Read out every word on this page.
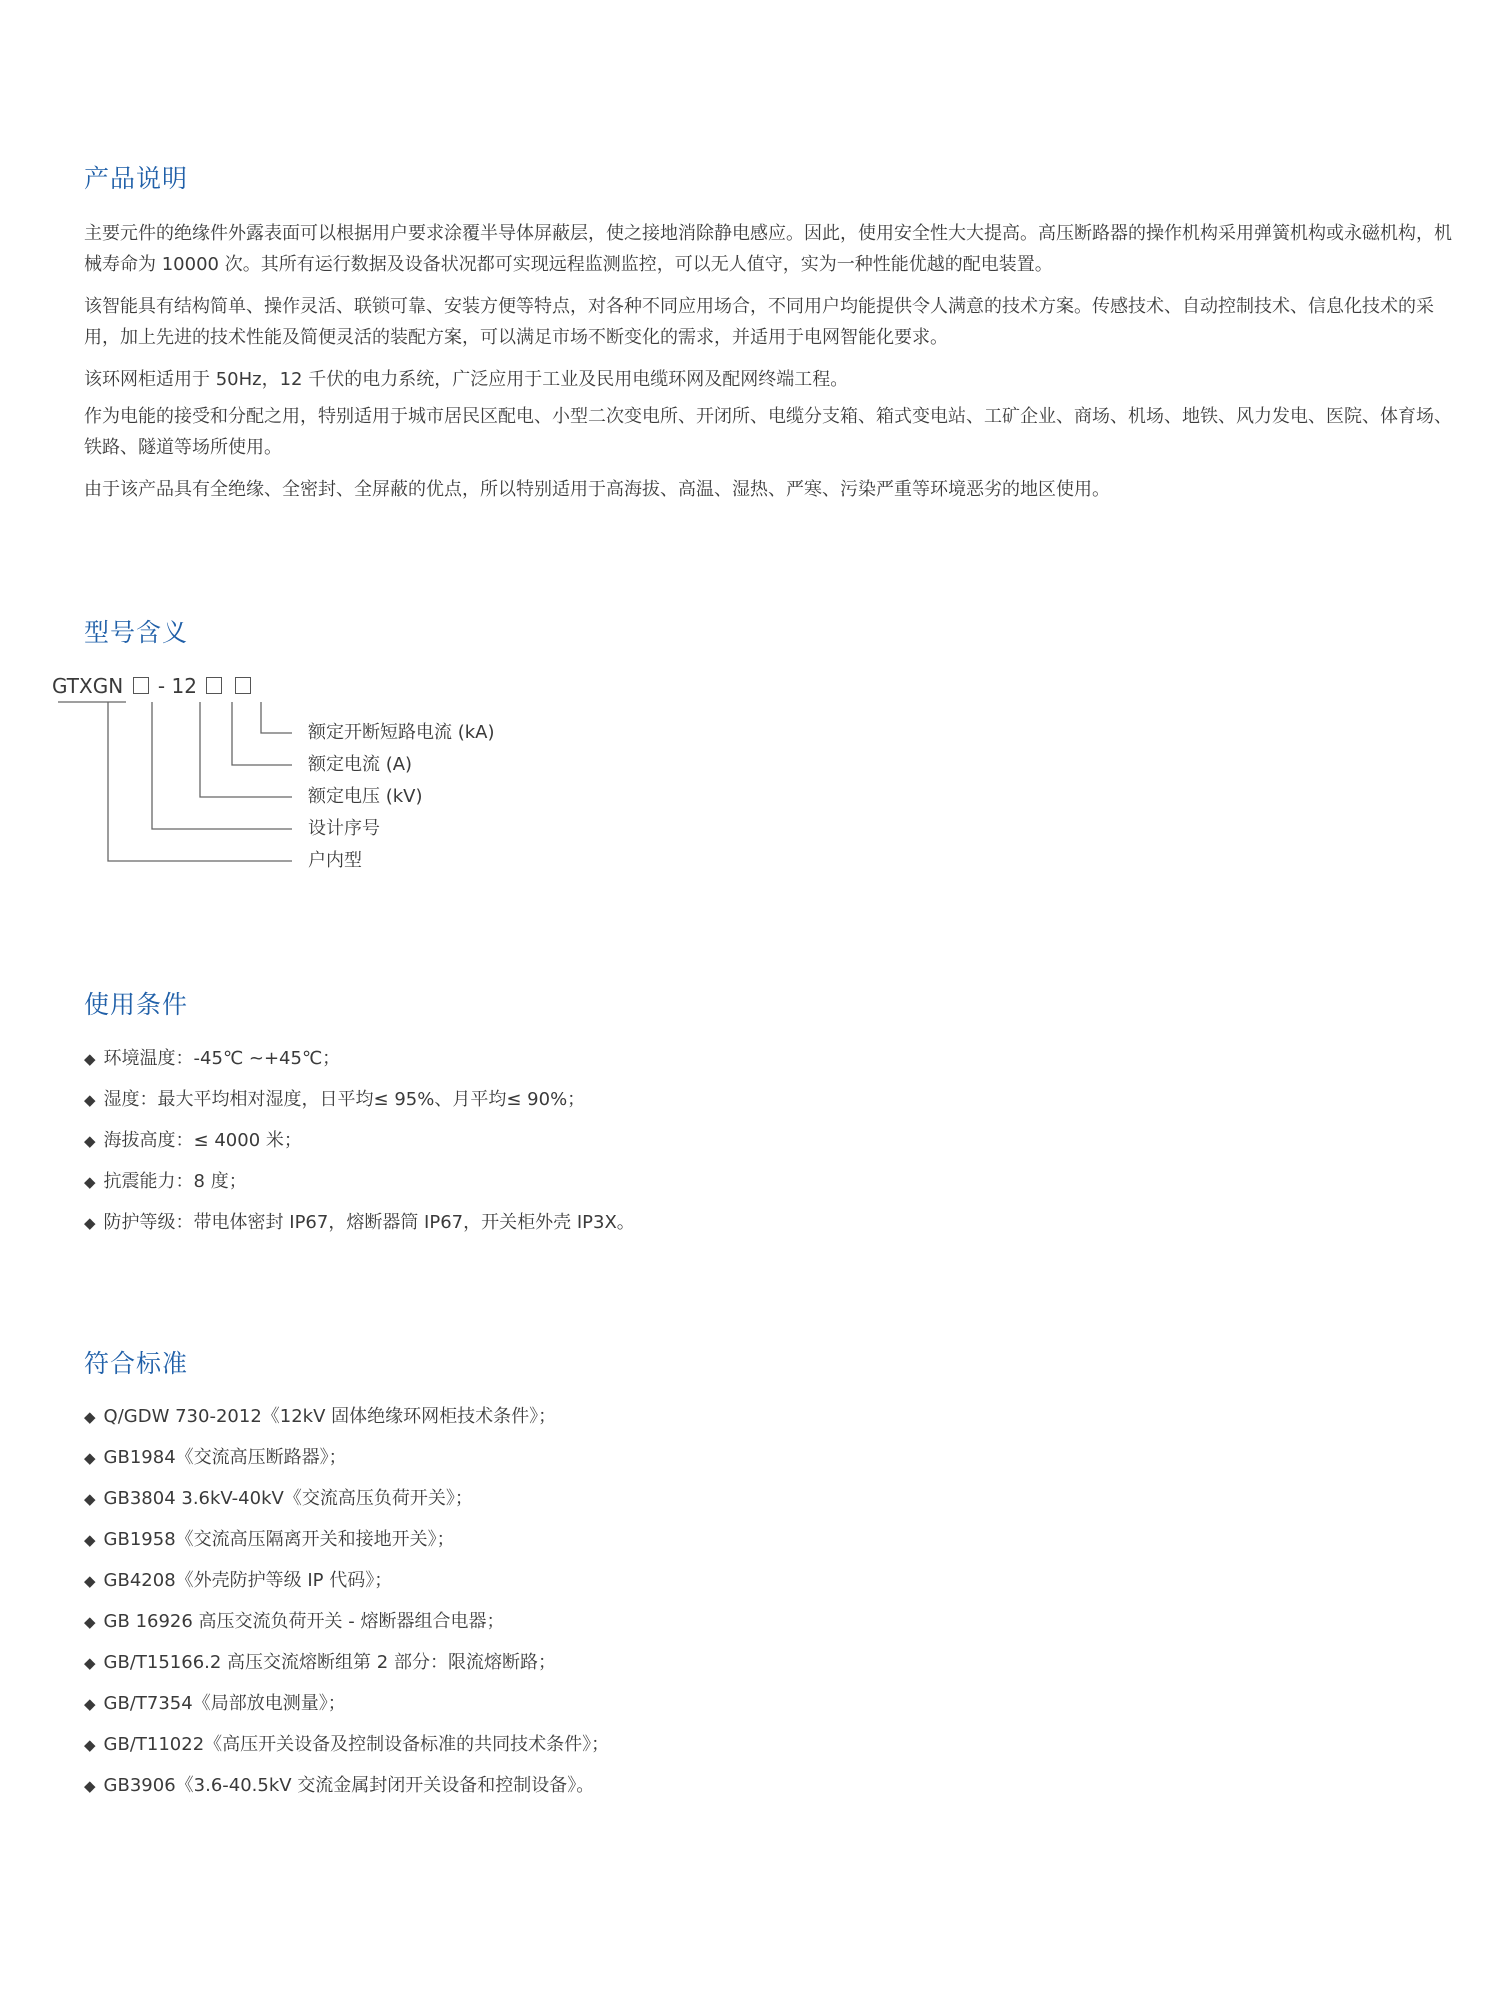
产品说明

主要元件的绝缘件外露表面可以根据用户要求涂覆半导体屏蔽层，使之接地消除静电感应。因此，使用安全性大大提高。高压断路器的操作机构采用弹簧机构或永磁机构，机械寿命为 10000 次。其所有运行数据及设备状况都可实现远程监测监控，可以无人值守，实为一种性能优越的配电装置。

该智能具有结构简单、操作灵活、联锁可靠、安装方便等特点，对各种不同应用场合，不同用户均能提供令人满意的技术方案。传感技术、自动控制技术、信息化技术的采用，加上先进的技术性能及简便灵活的装配方案，可以满足市场不断变化的需求，并适用于电网智能化要求。

该环网柜适用于 50Hz，12 千伏的电力系统，广泛应用于工业及民用电缆环网及配网终端工程。

作为电能的接受和分配之用，特别适用于城市居民区配电、小型二次变电所、开闭所、电缆分支箱、箱式变电站、工矿企业、商场、机场、地铁、风力发电、医院、体育场、铁路、隧道等场所使用。

由于该产品具有全绝缘、全密封、全屏蔽的优点，所以特别适用于高海拔、高温、湿热、严寒、污染严重等环境恶劣的地区使用。

型号含义
GTXGN - 12
额定开断短路电流 (kA)
额定电流 (A)
额定电压 (kV)
设计序号
户内型
使用条件
◆ 环境温度：-45℃ ~+45℃；
◆ 湿度：最大平均相对湿度，日平均≤ 95%、月平均≤ 90%；
◆ 海拔高度：≤ 4000 米；
◆ 抗震能力：8 度；
◆ 防护等级：带电体密封 IP67，熔断器筒 IP67，开关柜外壳 IP3X。
符合标准
◆ Q/GDW 730-2012《12kV 固体绝缘环网柜技术条件》；
◆ GB1984《交流高压断路器》；
◆ GB3804 3.6kV-40kV《交流高压负荷开关》；
◆ GB1958《交流高压隔离开关和接地开关》；
◆ GB4208《外壳防护等级 IP 代码》；
◆ GB 16926 高压交流负荷开关 - 熔断器组合电器；
◆ GB/T15166.2 高压交流熔断组第 2 部分：限流熔断路；
◆ GB/T7354《局部放电测量》；
◆ GB/T11022《高压开关设备及控制设备标准的共同技术条件》；
◆ GB3906《3.6-40.5kV 交流金属封闭开关设备和控制设备》。
